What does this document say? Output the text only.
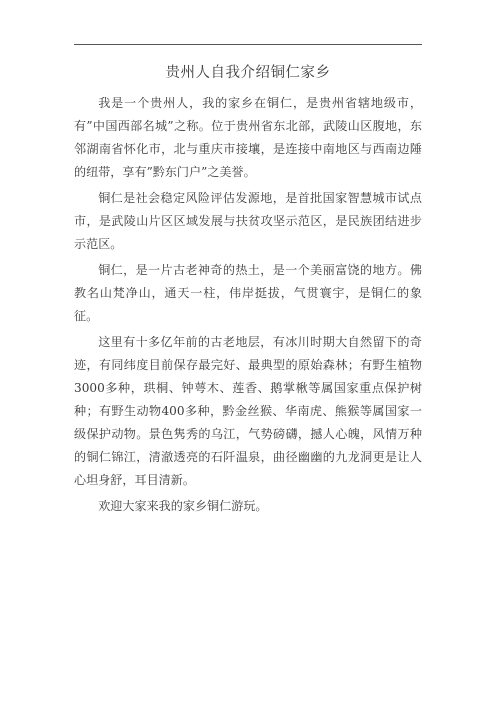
贵州人自我介绍铜仁家乡

我是一个贵州人，我的家乡在铜仁，是贵州省辖地级市，有”中国西部名城”之称。位于贵州省东北部，武陵山区腹地，东邻湖南省怀化市，北与重庆市接壤，是连接中南地区与西南边陲的纽带，享有”黔东门户”之美誉。

铜仁是社会稳定风险评估发源地，是首批国家智慧城市试点市，是武陵山片区区域发展与扶贫攻坚示范区，是民族团结进步示范区。

铜仁，是一片古老神奇的热土，是一个美丽富饶的地方。佛教名山梵净山，通天一柱，伟岸挺拔，气贯寰宇，是铜仁的象征。

这里有十多亿年前的古老地层，有冰川时期大自然留下的奇迹，有同纬度目前保存最完好、最典型的原始森林；有野生植物3000多种，珙桐、钟萼木、莲香、鹅掌楸等属国家重点保护树种；有野生动物400多种，黔金丝猴、华南虎、熊猴等属国家一级保护动物。景色隽秀的乌江，气势磅礴，撼人心魄，风情万种的铜仁锦江，清澈透亮的石阡温泉，曲径幽幽的九龙洞更是让人心坦身舒，耳目清新。

欢迎大家来我的家乡铜仁游玩。
